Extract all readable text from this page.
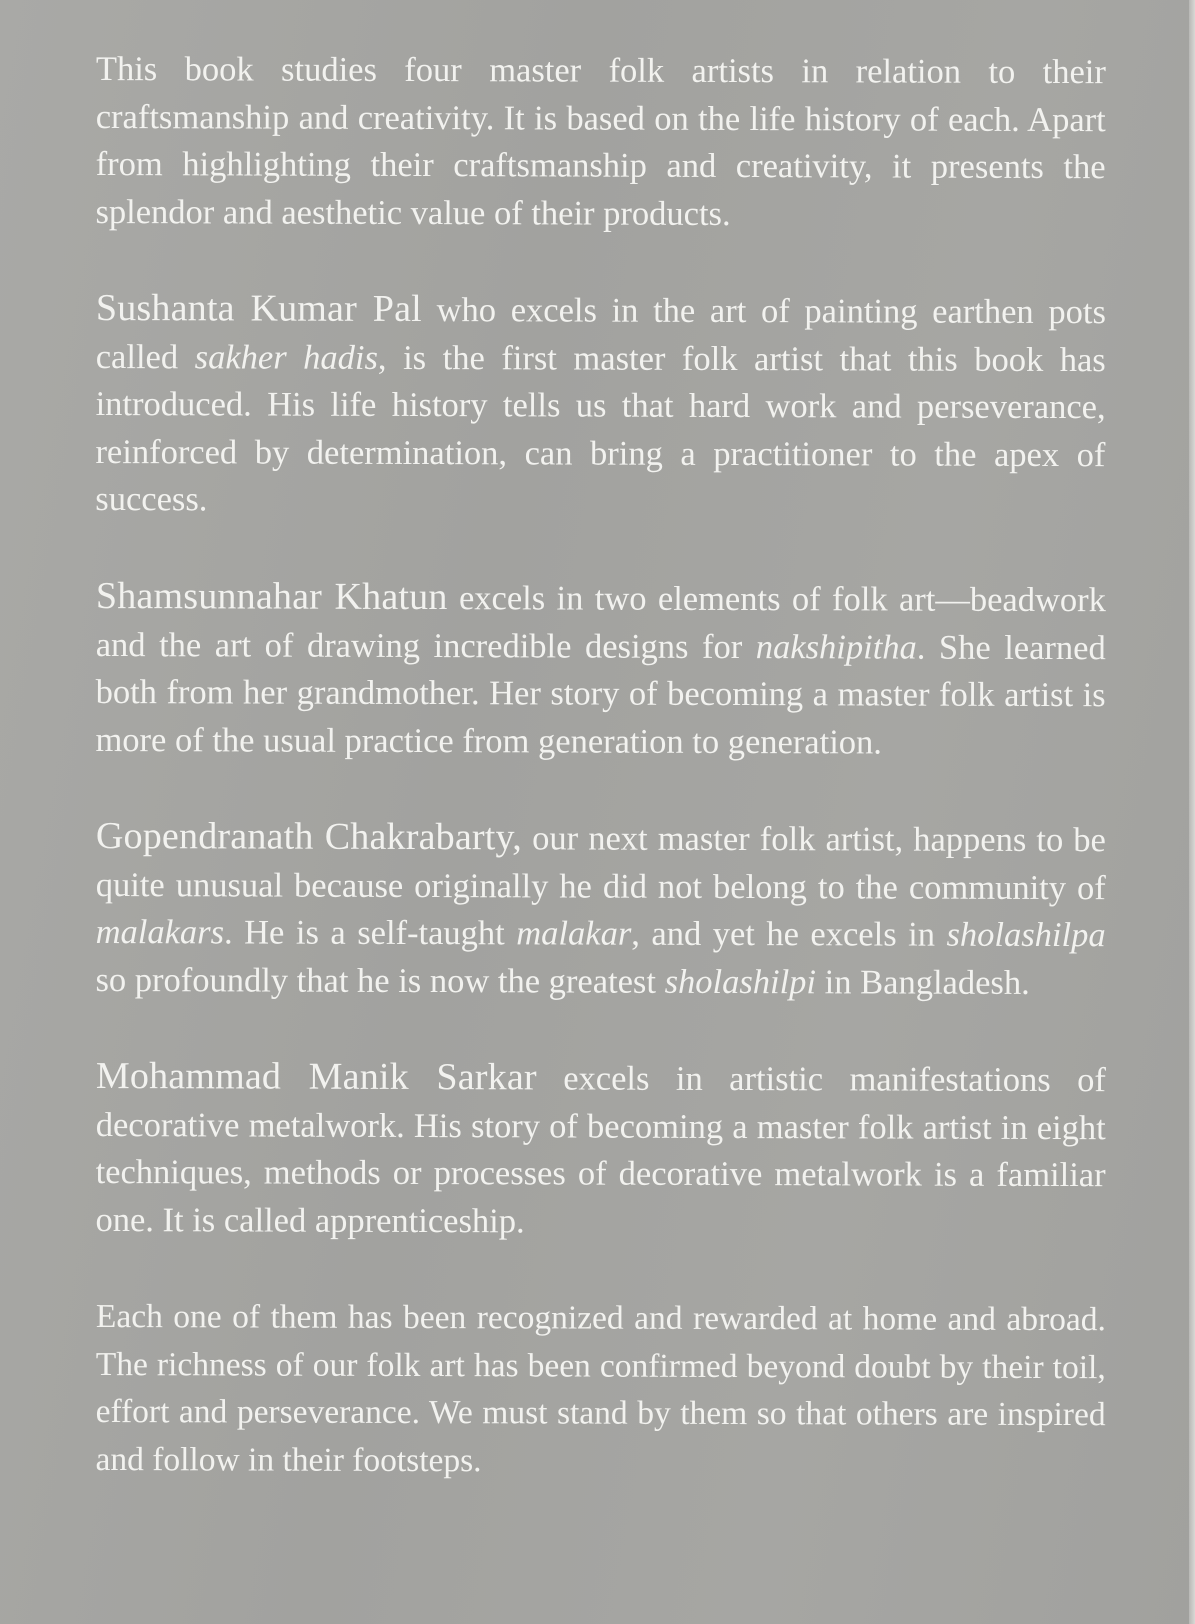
This book studies four master folk artists in relation to their craftsmanship and creativity. It is based on the life history of each. Apart from highlighting their craftsmanship and creativity, it presents the splendor and aesthetic value of their products.

Sushanta Kumar Pal who excels in the art of painting earthen pots called sakher hadis, is the first master folk artist that this book has introduced. His life history tells us that hard work and perseverance, reinforced by determination, can bring a practitioner to the apex of success.

Shamsunnahar Khatun excels in two elements of folk art—beadwork and the art of drawing incredible designs for nakshipitha. She learned both from her grandmother. Her story of becoming a master folk artist is more of the usual practice from generation to generation.

Gopendranath Chakrabarty, our next master folk artist, happens to be quite unusual because originally he did not belong to the community of malakars. He is a self-taught malakar, and yet he excels in sholashilpa so profoundly that he is now the greatest sholashilpi in Bangladesh.

Mohammad Manik Sarkar excels in artistic manifestations of decorative metalwork. His story of becoming a master folk artist in eight techniques, methods or processes of decorative metalwork is a familiar one. It is called apprenticeship.

Each one of them has been recognized and rewarded at home and abroad. The richness of our folk art has been confirmed beyond doubt by their toil, effort and perseverance. We must stand by them so that others are inspired and follow in their footsteps.
